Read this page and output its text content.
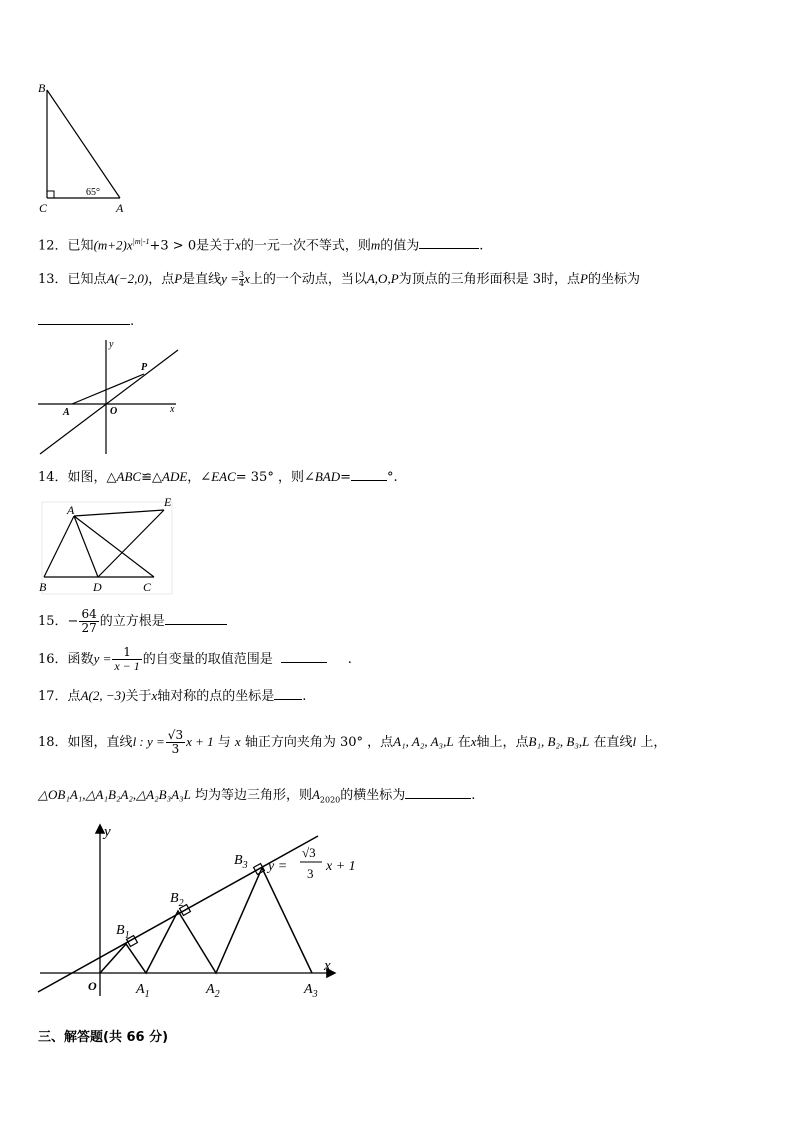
B
C	A
65°
12．已知$(m+2)x^{|m|-1}+3 > 0$是关于x的一元一次不等式，则m的值为	.
13．已知点A(−2,0)，点P是直线$y = \frac{3}{4}x$上的一个动点，当以A,O,P为顶点的三角形面积是 3时，点P的坐标为
.
y
P
A	O	x
14．如图，△ABC≌△ADE，∠EAC= 35° ，则∠BAD=	°.
A
E
B	D	C
15．− $\frac{64}{27}$ 的立方根是
16．函数$y = \frac{1}{x - 1}$ 的自变量的取值范围是	.
17．点A(2, −3)关于x轴对称的点的坐标是 .
18．如图，直线l : $y = \frac{√3}{3}$ x + 1 与 x 轴正方向夹角为 30° ，点A₁, A₂, A₃,L 在x轴上，点B₁, B₂, B₃,L 在直线l 上，
△OB₁A₁,△A₁B₂A₂,△A₂B₃A₃L 均为等边三角形，则$A_{2020}$的横坐标为	.
y
x
O	$A_1$	$A_2$	$A_3$
$B_1$
$B_2$
$B_3$ y =
√3
3 x + 1
三、解答题(共 66 分)
